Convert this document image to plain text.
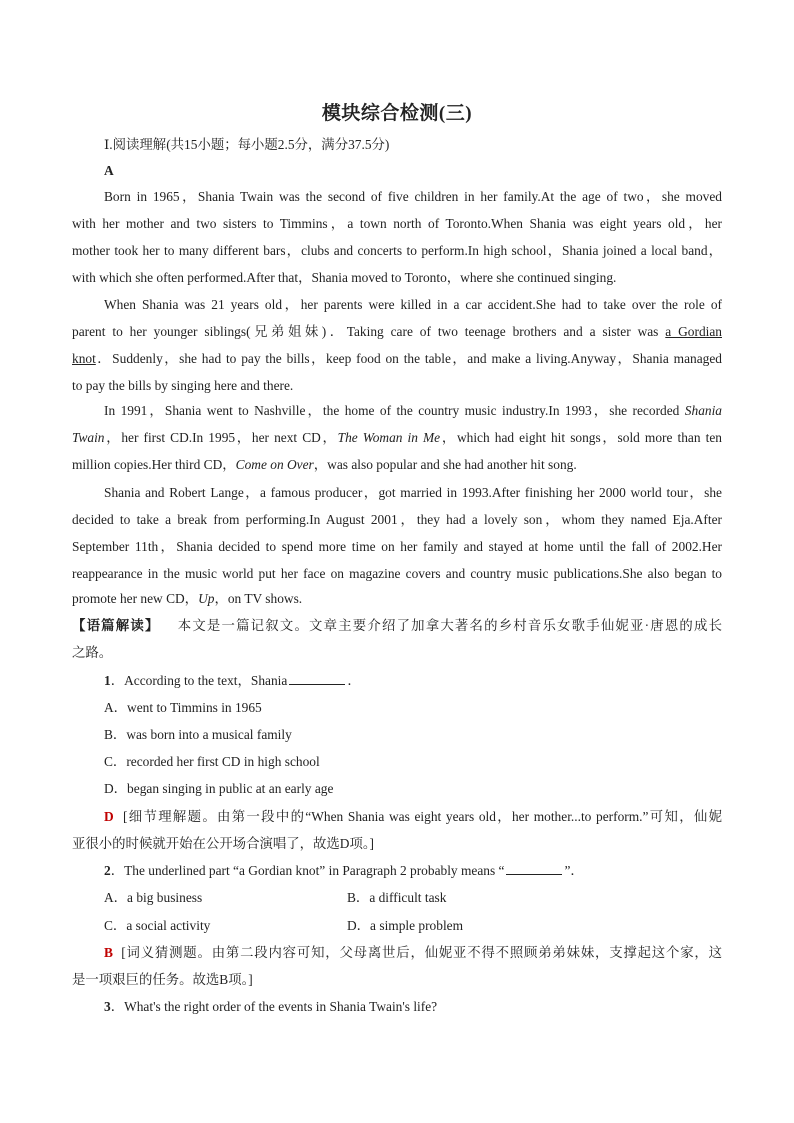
模块综合检测(三)
Ⅰ.阅读理解(共15小题；每小题2.5分，满分37.5分)
A
Born in 1965，Shania Twain was the second of five children in her family.At the age of two，she moved
with her mother and two sisters to Timmins，a town north of Toronto.When Shania was eight years old，her
mother took her to many different bars，clubs and concerts to perform.In high school，Shania joined a local band，
with which she often performed.After that，Shania moved to Toronto，where she continued singing.
When Shania was 21 years old，her parents were killed in a car accident.She had to take over the role of
parent to her younger siblings(兄弟姐妹)．Taking care of two teenage brothers and a sister was a Gordian
knot．Suddenly，she had to pay the bills，keep food on the table，and make a living.Anyway，Shania managed
to pay the bills by singing here and there.
In 1991，Shania went to Nashville，the home of the country music industry.In 1993，she recorded Shania
Twain，her first CD.In 1995，her next CD，The Woman in Me，which had eight hit songs，sold more than ten
million copies.Her third CD，Come on Over，was also popular and she had another hit song.
Shania and Robert Lange，a famous producer，got married in 1993.After finishing her 2000 world tour，she
decided to take a break from performing.In August 2001，they had a lovely son，whom they named Eja.After
September 11th，Shania decided to spend more time on her family and stayed at home until the fall of 2002.Her
reappearance in the music world put her face on magazine covers and country music publications.She also began to
promote her new CD，Up，on TV shows.
【语篇解读】 本文是一篇记叙文。文章主要介绍了加拿大著名的乡村音乐女歌手仙妮亚·唐恩的成长
之路。
1．According to the text，Shania	．
A．went to Timmins in 1965
B．was born into a musical family
C．recorded her first CD in high school
D．began singing in public at an early age
D [细节理解题。由第一段中的“When Shania was eight years old，her mother...to perform.”可知，仙妮
亚很小的时候就开始在公开场合演唱了，故选D项。]
2．The underlined part “a Gordian knot” in Paragraph 2 probably means “	”．
A．a big business	B．a difficult task
C．a social activity	D．a simple problem
B [词义猜测题。由第二段内容可知，父母离世后，仙妮亚不得不照顾弟弟妹妹，支撑起这个家，这
是一项艰巨的任务。故选B项。]
3．What's the right order of the events in Shania Twain's life?
